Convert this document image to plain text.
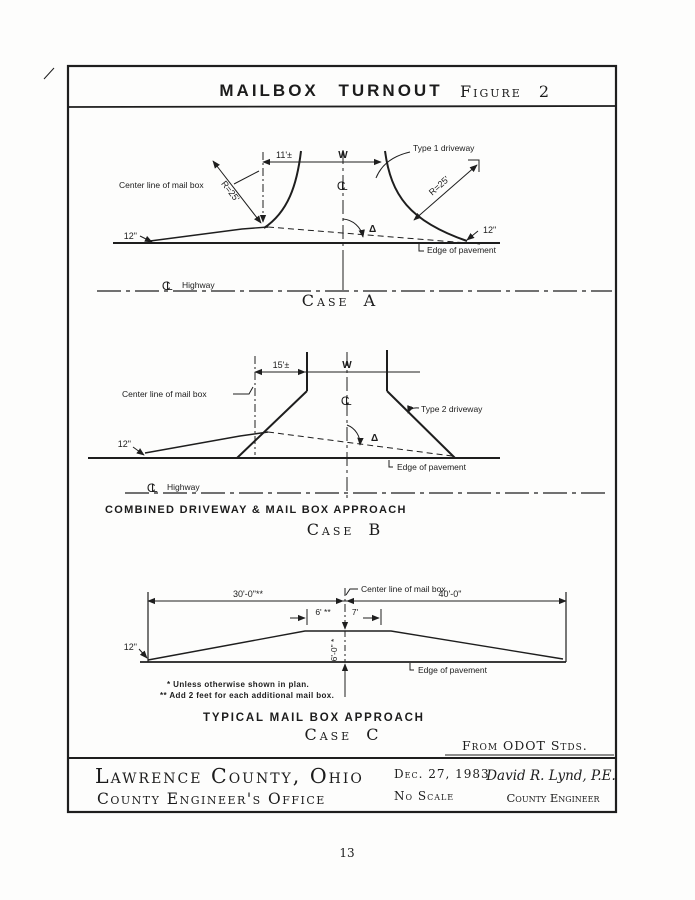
MAILBOX TURNOUT Figure 2
12"
12"
11'±	W
CL
R=25'	R=25'
Center line of mail box
Type 1 driveway
Δ
Edge of pavement
CL	Highway
Case A
15'±	W
Center line of mail box	CL
Δ
Type 2 driveway
12"
Edge of pavement
CL	Highway
COMBINED DRIVEWAY & MAIL BOX APPROACH
Case B
30'-0"**	40'-0"
Center line of mail box
6' ** 7'
6'-0" *
12"
Edge of pavement
* Unless otherwise shown in plan.
** Add 2 feet for each additional mail box.
TYPICAL MAIL BOX APPROACH
Case C
From ODOT Stds.
Lawrence County, Ohio
County Engineer's Office
Dec. 27, 1983
No Scale
David R. Lynd, P.E.
County Engineer
13
